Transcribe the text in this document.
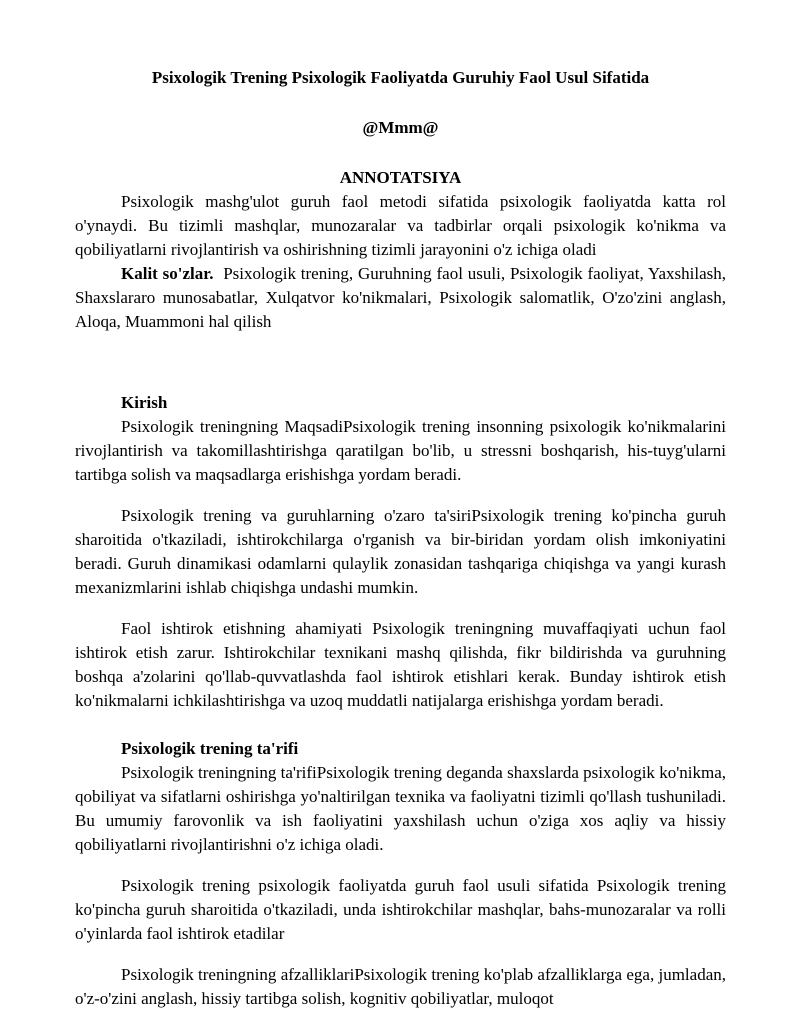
Psixologik Trening Psixologik Faoliyatda Guruhiy Faol Usul Sifatida
@Mmm@
ANNOTATSIYA

Psixologik mashg'ulot guruh faol metodi sifatida psixologik faoliyatda katta rol o'ynaydi. Bu tizimli mashqlar, munozaralar va tadbirlar orqali psixologik ko'nikma va qobiliyatlarni rivojlantirish va oshirishning tizimli jarayonini o'z ichiga oladi

Kalit so'zlar. Psixologik trening, Guruhning faol usuli, Psixologik faoliyat, Yaxshilash, Shaxslararo munosabatlar, Xulqatvor ko'nikmalari, Psixologik salomatlik, O'zo'zini anglash, Aloqa, Muammoni hal qilish

Kirish

Psixologik treningning MaqsadiPsixologik trening insonning psixologik ko'nikmalarini rivojlantirish va takomillashtirishga qaratilgan bo'lib, u stressni boshqarish, his-tuyg'ularni tartibga solish va maqsadlarga erishishga yordam beradi.

Psixologik trening va guruhlarning o'zaro ta'siriPsixologik trening ko'pincha guruh sharoitida o'tkaziladi, ishtirokchilarga o'rganish va bir-biridan yordam olish imkoniyatini beradi. Guruh dinamikasi odamlarni qulaylik zonasidan tashqariga chiqishga va yangi kurash mexanizmlarini ishlab chiqishga undashi mumkin.

Faol ishtirok etishning ahamiyati Psixologik treningning muvaffaqiyati uchun faol ishtirok etish zarur. Ishtirokchilar texnikani mashq qilishda, fikr bildirishda va guruhning boshqa a'zolarini qo'llab-quvvatlashda faol ishtirok etishlari kerak. Bunday ishtirok etish ko'nikmalarni ichkilashtirishga va uzoq muddatli natijalarga erishishga yordam beradi.

Psixologik trening ta'rifi

Psixologik treningning ta'rifiPsixologik trening deganda shaxslarda psixologik ko'nikma, qobiliyat va sifatlarni oshirishga yo'naltirilgan texnika va faoliyatni tizimli qo'llash tushuniladi. Bu umumiy farovonlik va ish faoliyatini yaxshilash uchun o'ziga xos aqliy va hissiy qobiliyatlarni rivojlantirishni o'z ichiga oladi.

Psixologik trening psixologik faoliyatda guruh faol usuli sifatida Psixologik trening ko'pincha guruh sharoitida o'tkaziladi, unda ishtirokchilar mashqlar, bahs-munozaralar va rolli o'yinlarda faol ishtirok etadilar

Psixologik treningning afzalliklariPsixologik trening ko'plab afzalliklarga ega, jumladan, o'z-o'zini anglash, hissiy tartibga solish, kognitiv qobiliyatlar, muloqot
